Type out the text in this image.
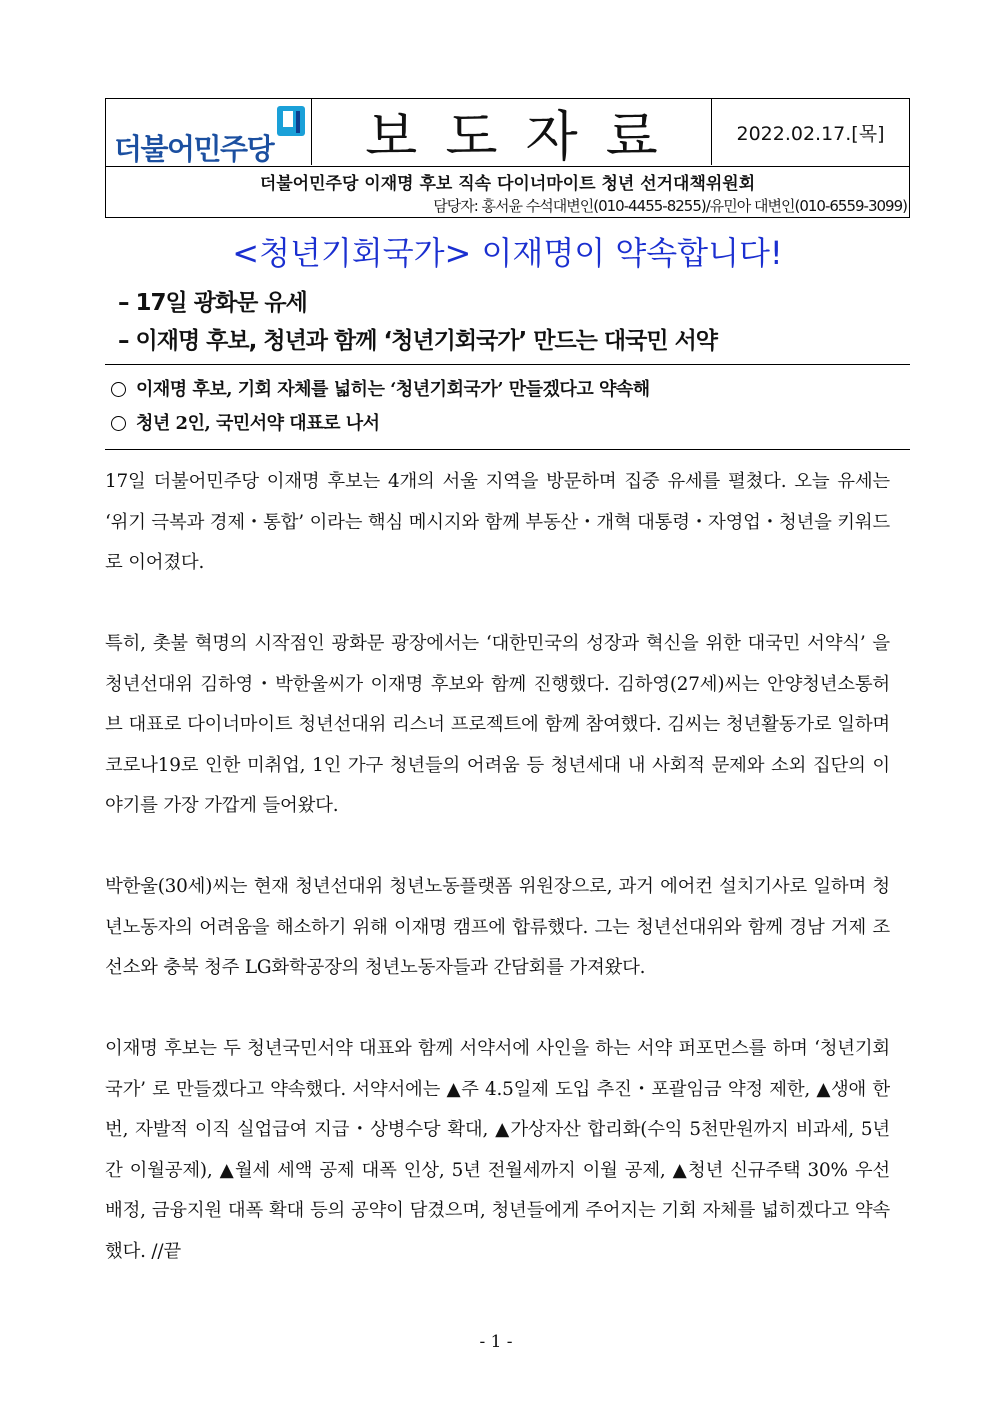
더불어민주당	보도자료	2022.02.17.[목]
더불어민주당 이재명 후보 직속 다이너마이트 청년 선거대책위원회
담당자: 홍서윤 수석대변인(010-4455-8255)/유민아 대변인(010-6559-3099)
<청년기회국가> 이재명이 약속합니다!
– 17일 광화문 유세
– 이재명 후보, 청년과 함께 ‘청년기회국가’ 만드는 대국민 서약
이재명 후보, 기회 자체를 넓히는 ‘청년기회국가’ 만들겠다고 약속해
청년 2인, 국민서약 대표로 나서

17일 더불어민주당 이재명 후보는 4개의 서울 지역을 방문하며 집중 유세를 펼쳤다. 오늘 유세는 ‘위기 극복과 경제・통합’ 이라는 핵심 메시지와 함께 부동산・개혁 대통령・자영업・청년을 키워드로 이어졌다.

특히, 촛불 혁명의 시작점인 광화문 광장에서는 ‘대한민국의 성장과 혁신을 위한 대국민 서약식’ 을 청년선대위 김하영・박한울씨가 이재명 후보와 함께 진행했다. 김하영(27세)씨는 안양청년소통허브 대표로 다이너마이트 청년선대위 리스너 프로젝트에 함께 참여했다. 김씨는 청년활동가로 일하며 코로나19로 인한 미취업, 1인 가구 청년들의 어려움 등 청년세대 내 사회적 문제와 소외 집단의 이야기를 가장 가깝게 들어왔다.

박한울(30세)씨는 현재 청년선대위 청년노동플랫폼 위원장으로, 과거 에어컨 설치기사로 일하며 청년노동자의 어려움을 해소하기 위해 이재명 캠프에 합류했다. 그는 청년선대위와 함께 경남 거제 조선소와 충북 청주 LG화학공장의 청년노동자들과 간담회를 가져왔다.

이재명 후보는 두 청년국민서약 대표와 함께 서약서에 사인을 하는 서약 퍼포먼스를 하며 ‘청년기회국가’ 로 만들겠다고 약속했다. 서약서에는 ▲주 4.5일제 도입 추진・포괄임금 약정 제한, ▲생애 한 번, 자발적 이직 실업급여 지급・상병수당 확대, ▲가상자산 합리화(수익 5천만원까지 비과세, 5년간 이월공제), ▲월세 세액 공제 대폭 인상, 5년 전월세까지 이월 공제, ▲청년 신규주택 30% 우선 배정, 금융지원 대폭 확대 등의 공약이 담겼으며, 청년들에게 주어지는 기회 자체를 넓히겠다고 약속했다. //끝

- 1 -
